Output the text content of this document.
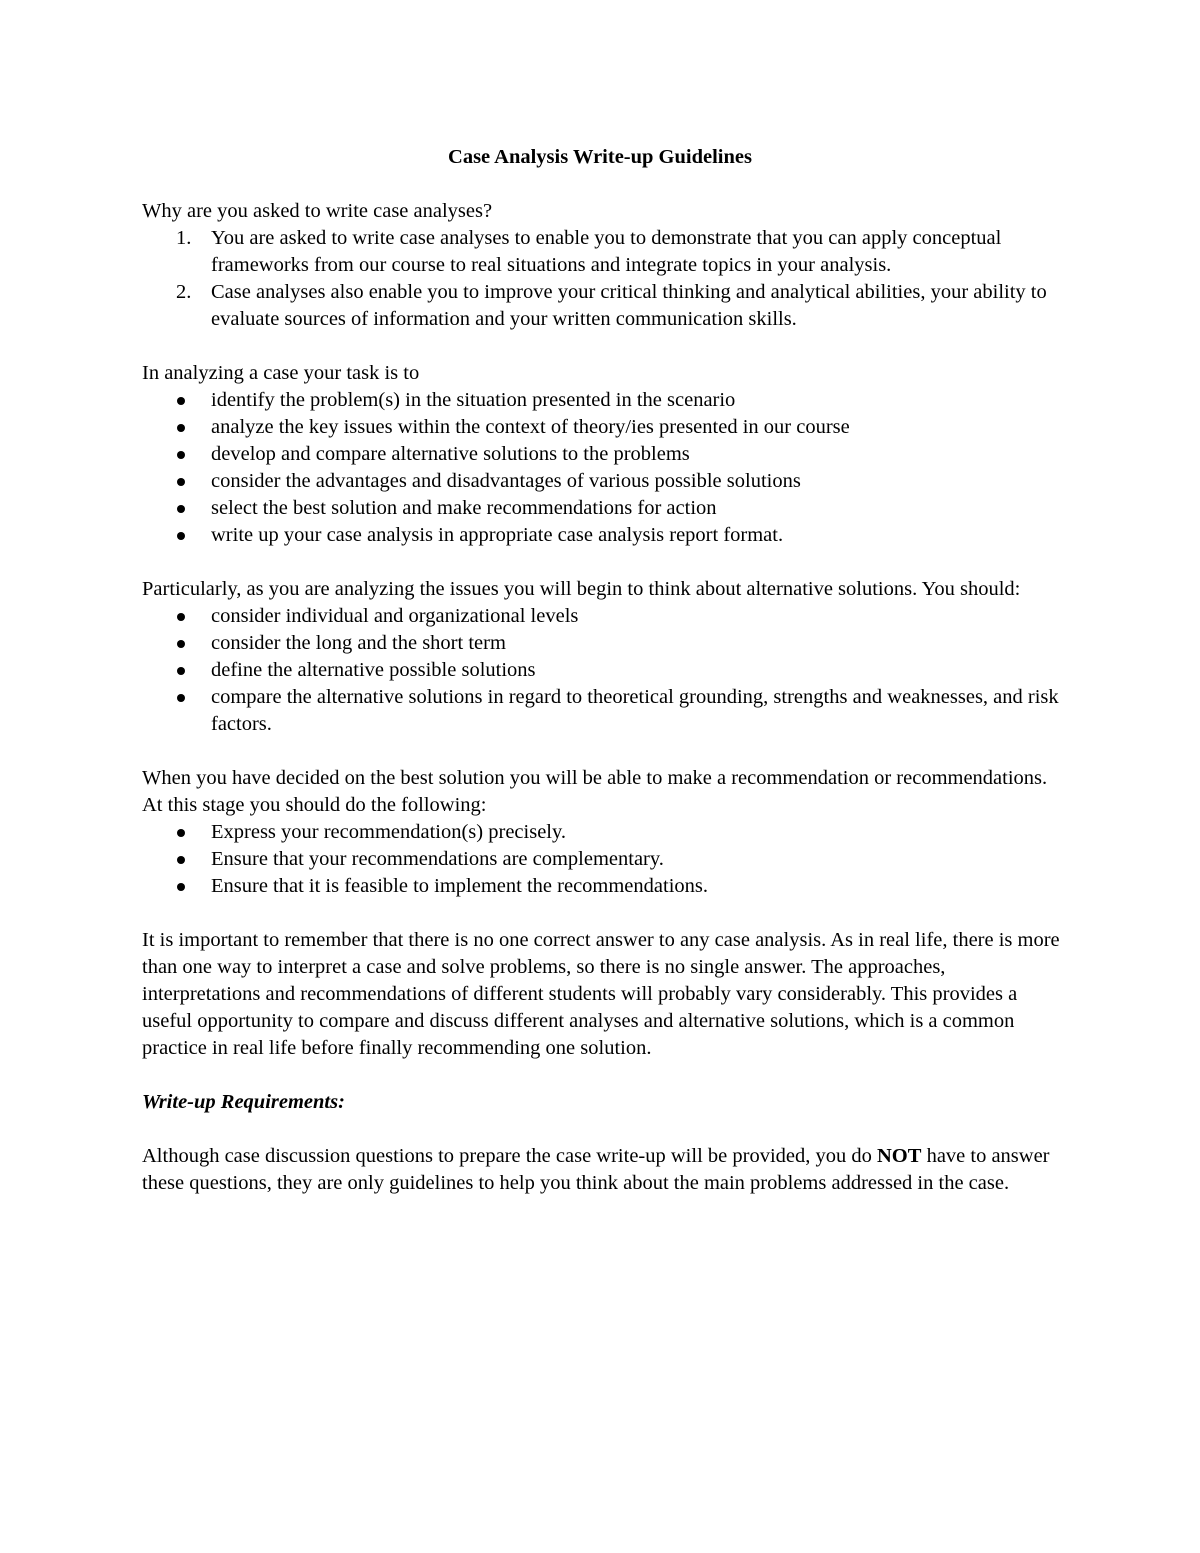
Case Analysis Write-up Guidelines

Why are you asked to write case analyses?

1. You are asked to write case analyses to enable you to demonstrate that you can apply conceptual frameworks from our course to real situations and integrate topics in your analysis.
2. Case analyses also enable you to improve your critical thinking and analytical abilities, your ability to evaluate sources of information and your written communication skills.

In analyzing a case your task is to

identify the problem(s) in the situation presented in the scenario
analyze the key issues within the context of theory/ies presented in our course
develop and compare alternative solutions to the problems
consider the advantages and disadvantages of various possible solutions
select the best solution and make recommendations for action
write up your case analysis in appropriate case analysis report format.

Particularly, as you are analyzing the issues you will begin to think about alternative solutions. You should:

consider individual and organizational levels
consider the long and the short term
define the alternative possible solutions
compare the alternative solutions in regard to theoretical grounding, strengths and weaknesses, and risk factors.

When you have decided on the best solution you will be able to make a recommendation or recommendations. At this stage you should do the following:

Express your recommendation(s) precisely.
Ensure that your recommendations are complementary.
Ensure that it is feasible to implement the recommendations.

It is important to remember that there is no one correct answer to any case analysis. As in real life, there is more than one way to interpret a case and solve problems, so there is no single answer. The approaches, interpretations and recommendations of different students will probably vary considerably. This provides a useful opportunity to compare and discuss different analyses and alternative solutions, which is a common practice in real life before finally recommending one solution.

Write-up Requirements:

Although case discussion questions to prepare the case write-up will be provided, you do NOT have to answer these questions, they are only guidelines to help you think about the main problems addressed in the case.
